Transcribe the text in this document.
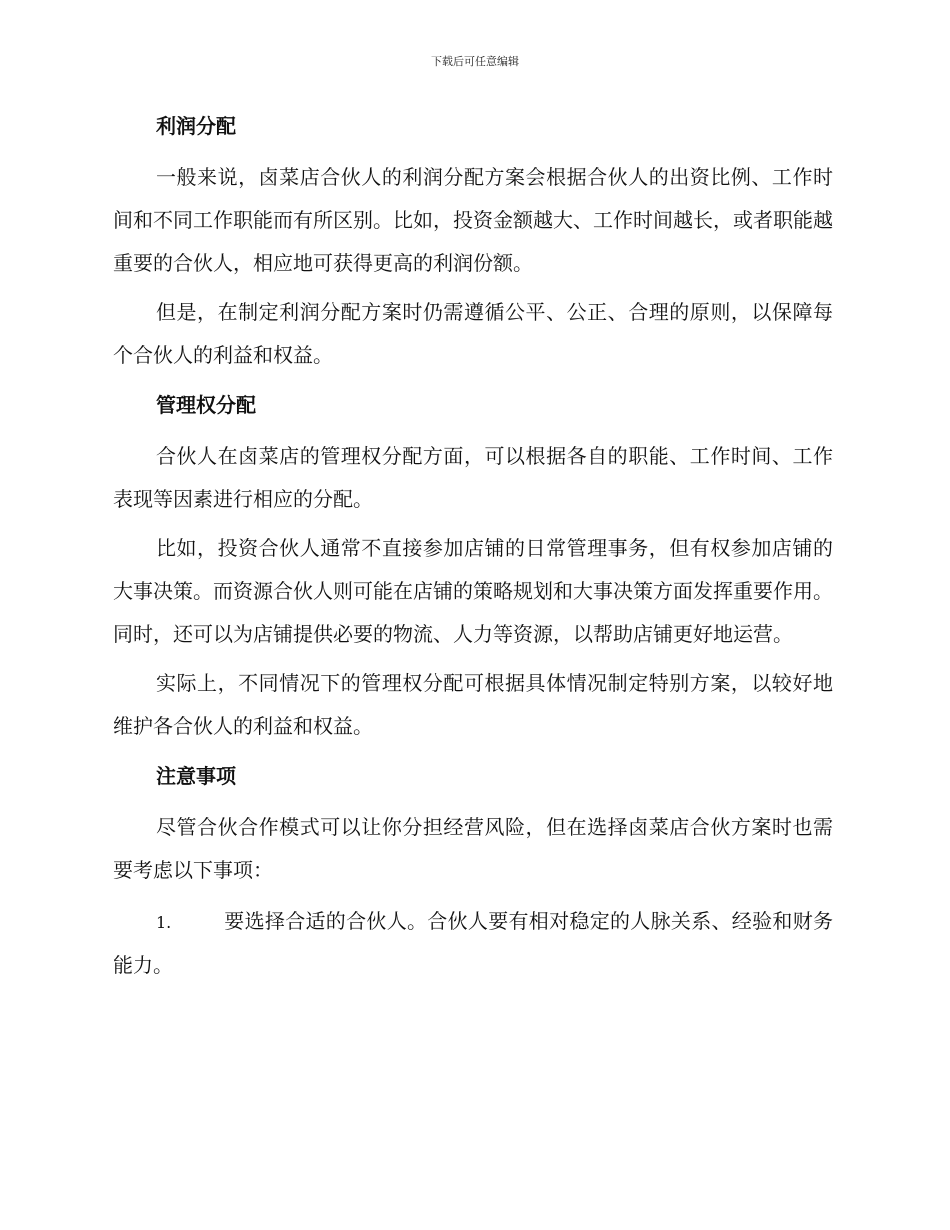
下载后可任意编辑
利润分配

一般来说，卤菜店合伙人的利润分配方案会根据合伙人的出资比例、工作时间和不同工作职能而有所区别。比如，投资金额越大、工作时间越长，或者职能越重要的合伙人，相应地可获得更高的利润份额。

但是，在制定利润分配方案时仍需遵循公平、公正、合理的原则，以保障每个合伙人的利益和权益。

管理权分配

合伙人在卤菜店的管理权分配方面，可以根据各自的职能、工作时间、工作表现等因素进行相应的分配。

比如，投资合伙人通常不直接参加店铺的日常管理事务，但有权参加店铺的大事决策。而资源合伙人则可能在店铺的策略规划和大事决策方面发挥重要作用。同时，还可以为店铺提供必要的物流、人力等资源，以帮助店铺更好地运营。

实际上，不同情况下的管理权分配可根据具体情况制定特别方案，以较好地维护各合伙人的利益和权益。

注意事项

尽管合伙合作模式可以让你分担经营风险，但在选择卤菜店合伙方案时也需要考虑以下事项：

1.	要选择合适的合伙人。合伙人要有相对稳定的人脉关系、经验和财务能力。
